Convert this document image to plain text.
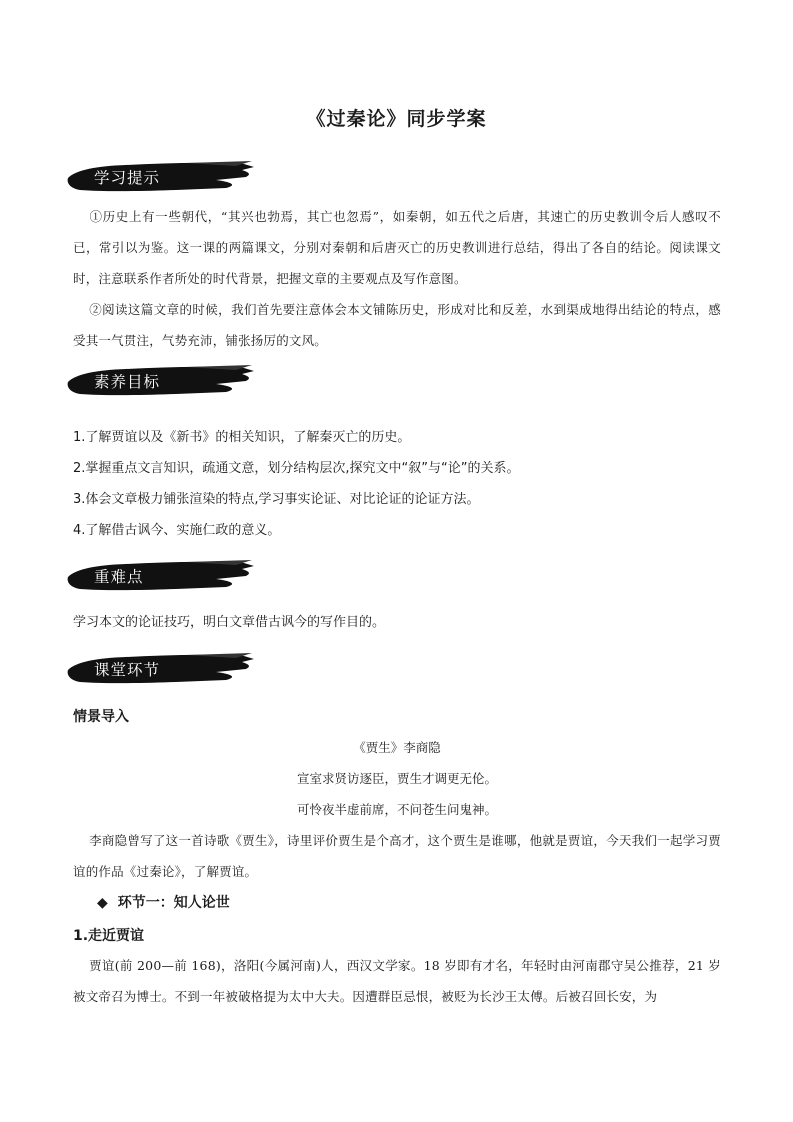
《过秦论》同步学案
学习提示
①历史上有一些朝代，“其兴也勃焉，其亡也忽焉”，如秦朝，如五代之后唐，其速亡的历史教训令后人感叹不已，常引以为鉴。这一课的两篇课文，分别对秦朝和后唐灭亡的历史教训进行总结，得出了各自的结论。阅读课文时，注意联系作者所处的时代背景，把握文章的主要观点及写作意图。
②阅读这篇文章的时候，我们首先要注意体会本文铺陈历史，形成对比和反差，水到渠成地得出结论的特点，感受其一气贯注，气势充沛，铺张扬厉的文风。
素养目标
1.了解贾谊以及《新书》的相关知识，了解秦灭亡的历史。
2.掌握重点文言知识，疏通文意，划分结构层次,探究文中“叙”与“论”的关系。
3.体会文章极力铺张渲染的特点,学习事实论证、对比论证的论证方法。
4.了解借古讽今、实施仁政的意义。
重难点
学习本文的论证技巧，明白文章借古讽今的写作目的。
课堂环节
情景导入
《贾生》李商隐
宣室求贤访逐臣，贾生才调更无伦。
可怜夜半虚前席，不问苍生问鬼神。
李商隐曾写了这一首诗歌《贾生》，诗里评价贾生是个高才，这个贾生是谁哪，他就是贾谊，今天我们一起学习贾谊的作品《过秦论》，了解贾谊。
◆ 环节一：知人论世
1.走近贾谊
贾谊(前 200—前 168)，洛阳(今属河南)人，西汉文学家。18 岁即有才名，年轻时由河南郡守吴公推荐，21 岁被文帝召为博士。不到一年被破格提为太中大夫。因遭群臣忌恨，被贬为长沙王太傅。后被召回长安，为
